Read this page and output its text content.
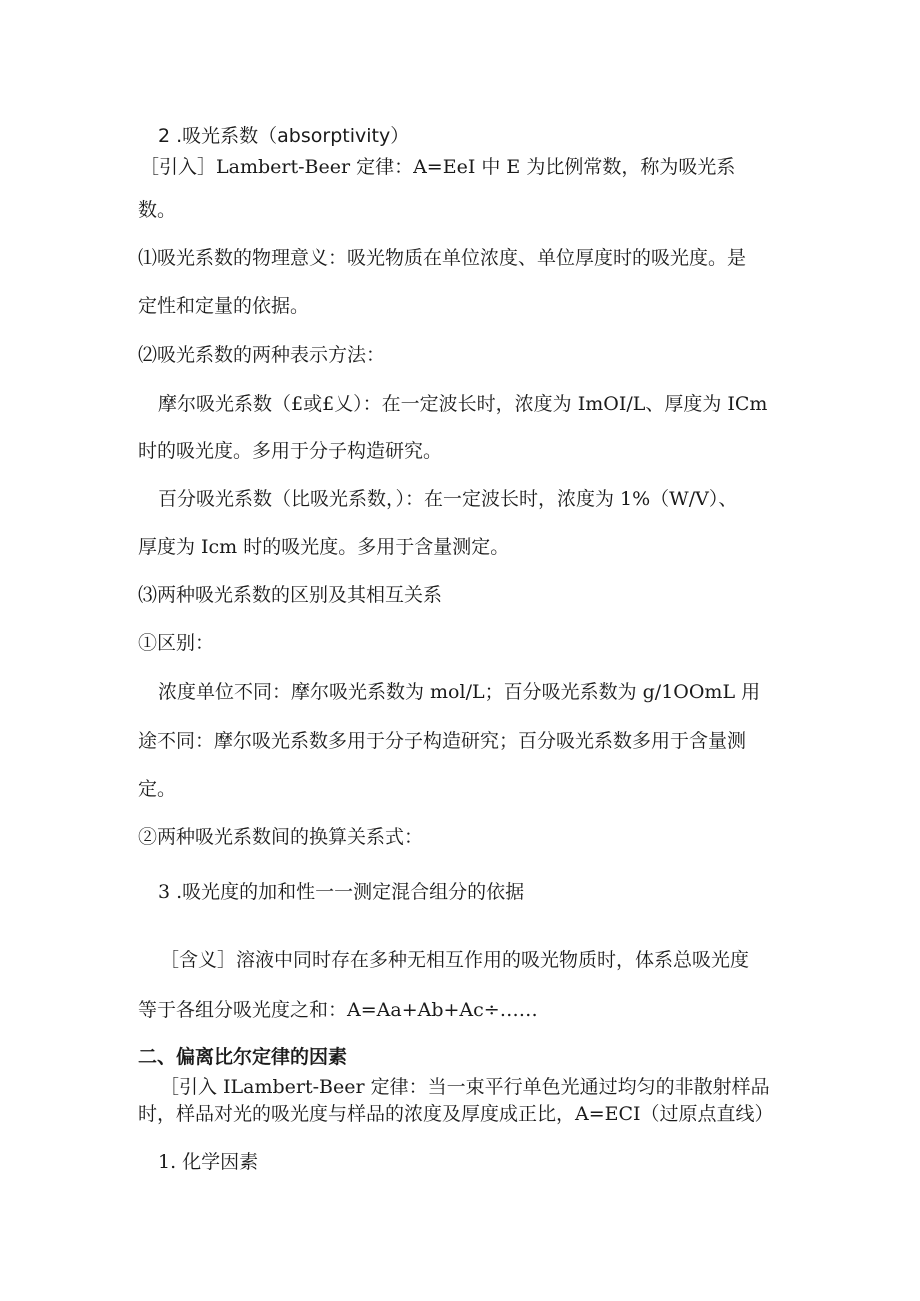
2 .吸光系数（absorptivity）

［引入］Lambert-Beer 定律：A=EeI 中 E 为比例常数，称为吸光系

数。

⑴吸光系数的物理意义：吸光物质在单位浓度、单位厚度时的吸光度。是

定性和定量的依据。

⑵吸光系数的两种表示方法：

摩尔吸光系数（£或£乂）：在一定波长时，浓度为 ImOI/L、厚度为 ICm

时的吸光度。多用于分子构造研究。

百分吸光系数（比吸光系数，）：在一定波长时，浓度为 1%（W/V）、

厚度为 Icm 时的吸光度。多用于含量测定。

⑶两种吸光系数的区别及其相互关系

①区别：

浓度单位不同：摩尔吸光系数为 mol/L；百分吸光系数为 g/1OOmL 用

途不同：摩尔吸光系数多用于分子构造研究；百分吸光系数多用于含量测

定。

②两种吸光系数间的换算关系式：

3 .吸光度的加和性一一测定混合组分的依据

［含义］溶液中同时存在多种无相互作用的吸光物质时，体系总吸光度

等于各组分吸光度之和：A=Aa+Ab+Ac÷……

二、偏离比尔定律的因素

［引入 ILambert-Beer 定律：当一束平行单色光通过均匀的非散射样品

时，样品对光的吸光度与样品的浓度及厚度成正比，A=ECI（过原点直线）

1. 化学因素
